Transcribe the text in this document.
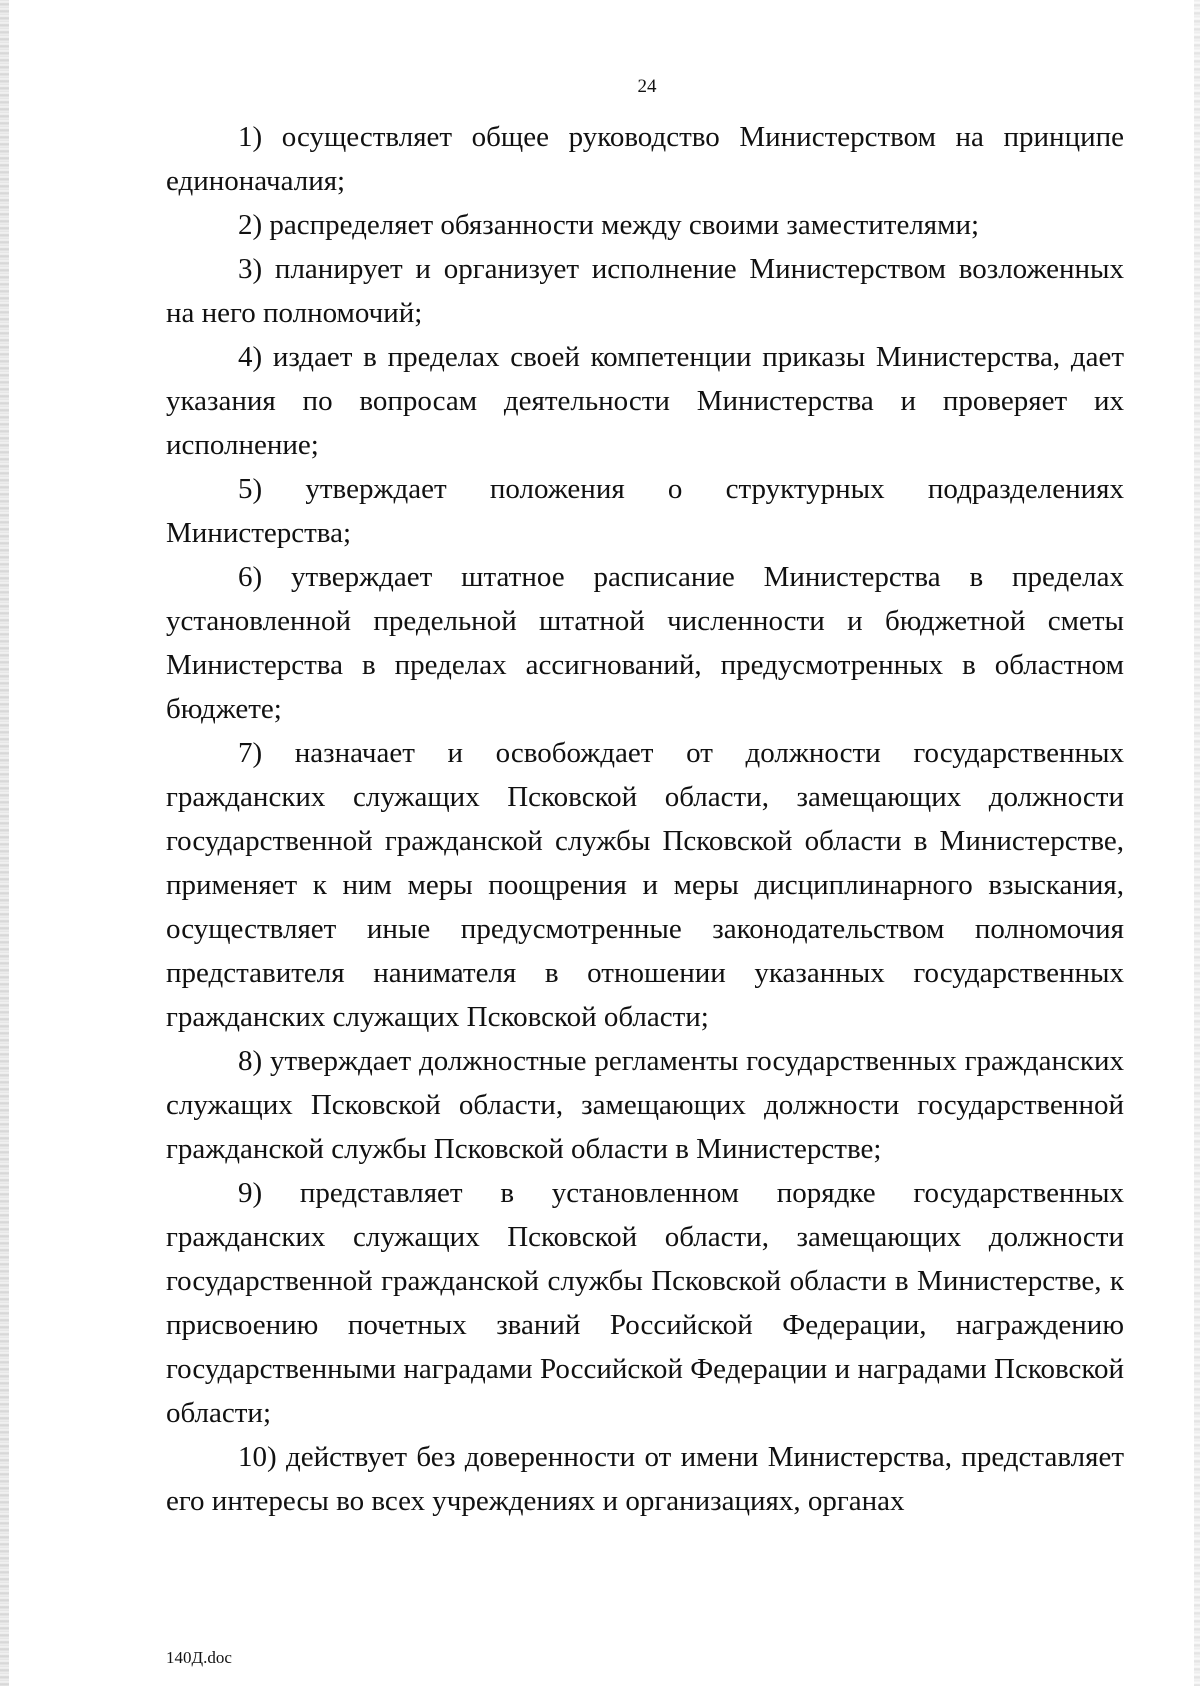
24

1) осуществляет общее руководство Министерством на принципе единоначалия;

2) распределяет обязанности между своими заместителями;

3) планирует и организует исполнение Министерством возложенных на него полномочий;

4) издает в пределах своей компетенции приказы Министерства, дает указания по вопросам деятельности Министерства и проверяет их исполнение;

5) утверждает положения о структурных подразделениях Министерства;

6) утверждает штатное расписание Министерства в пределах установленной предельной штатной численности и бюджетной сметы Министерства в пределах ассигнований, предусмотренных в областном бюджете;

7) назначает и освобождает от должности государственных гражданских служащих Псковской области, замещающих должности государственной гражданской службы Псковской области в Министерстве, применяет к ним меры поощрения и меры дисциплинарного взыскания, осуществляет иные предусмотренные законодательством полномочия представителя нанимателя в отношении указанных государственных гражданских служащих Псковской области;

8) утверждает должностные регламенты государственных гражданских служащих Псковской области, замещающих должности государственной гражданской службы Псковской области в Министерстве;

9) представляет в установленном порядке государственных гражданских служащих Псковской области, замещающих должности государственной гражданской службы Псковской области в Министерстве, к присвоению почетных званий Российской Федерации, награждению государственными наградами Российской Федерации и наградами Псковской области;

10) действует без доверенности от имени Министерства, представляет его интересы во всех учреждениях и организациях, органах

140Д.doc
